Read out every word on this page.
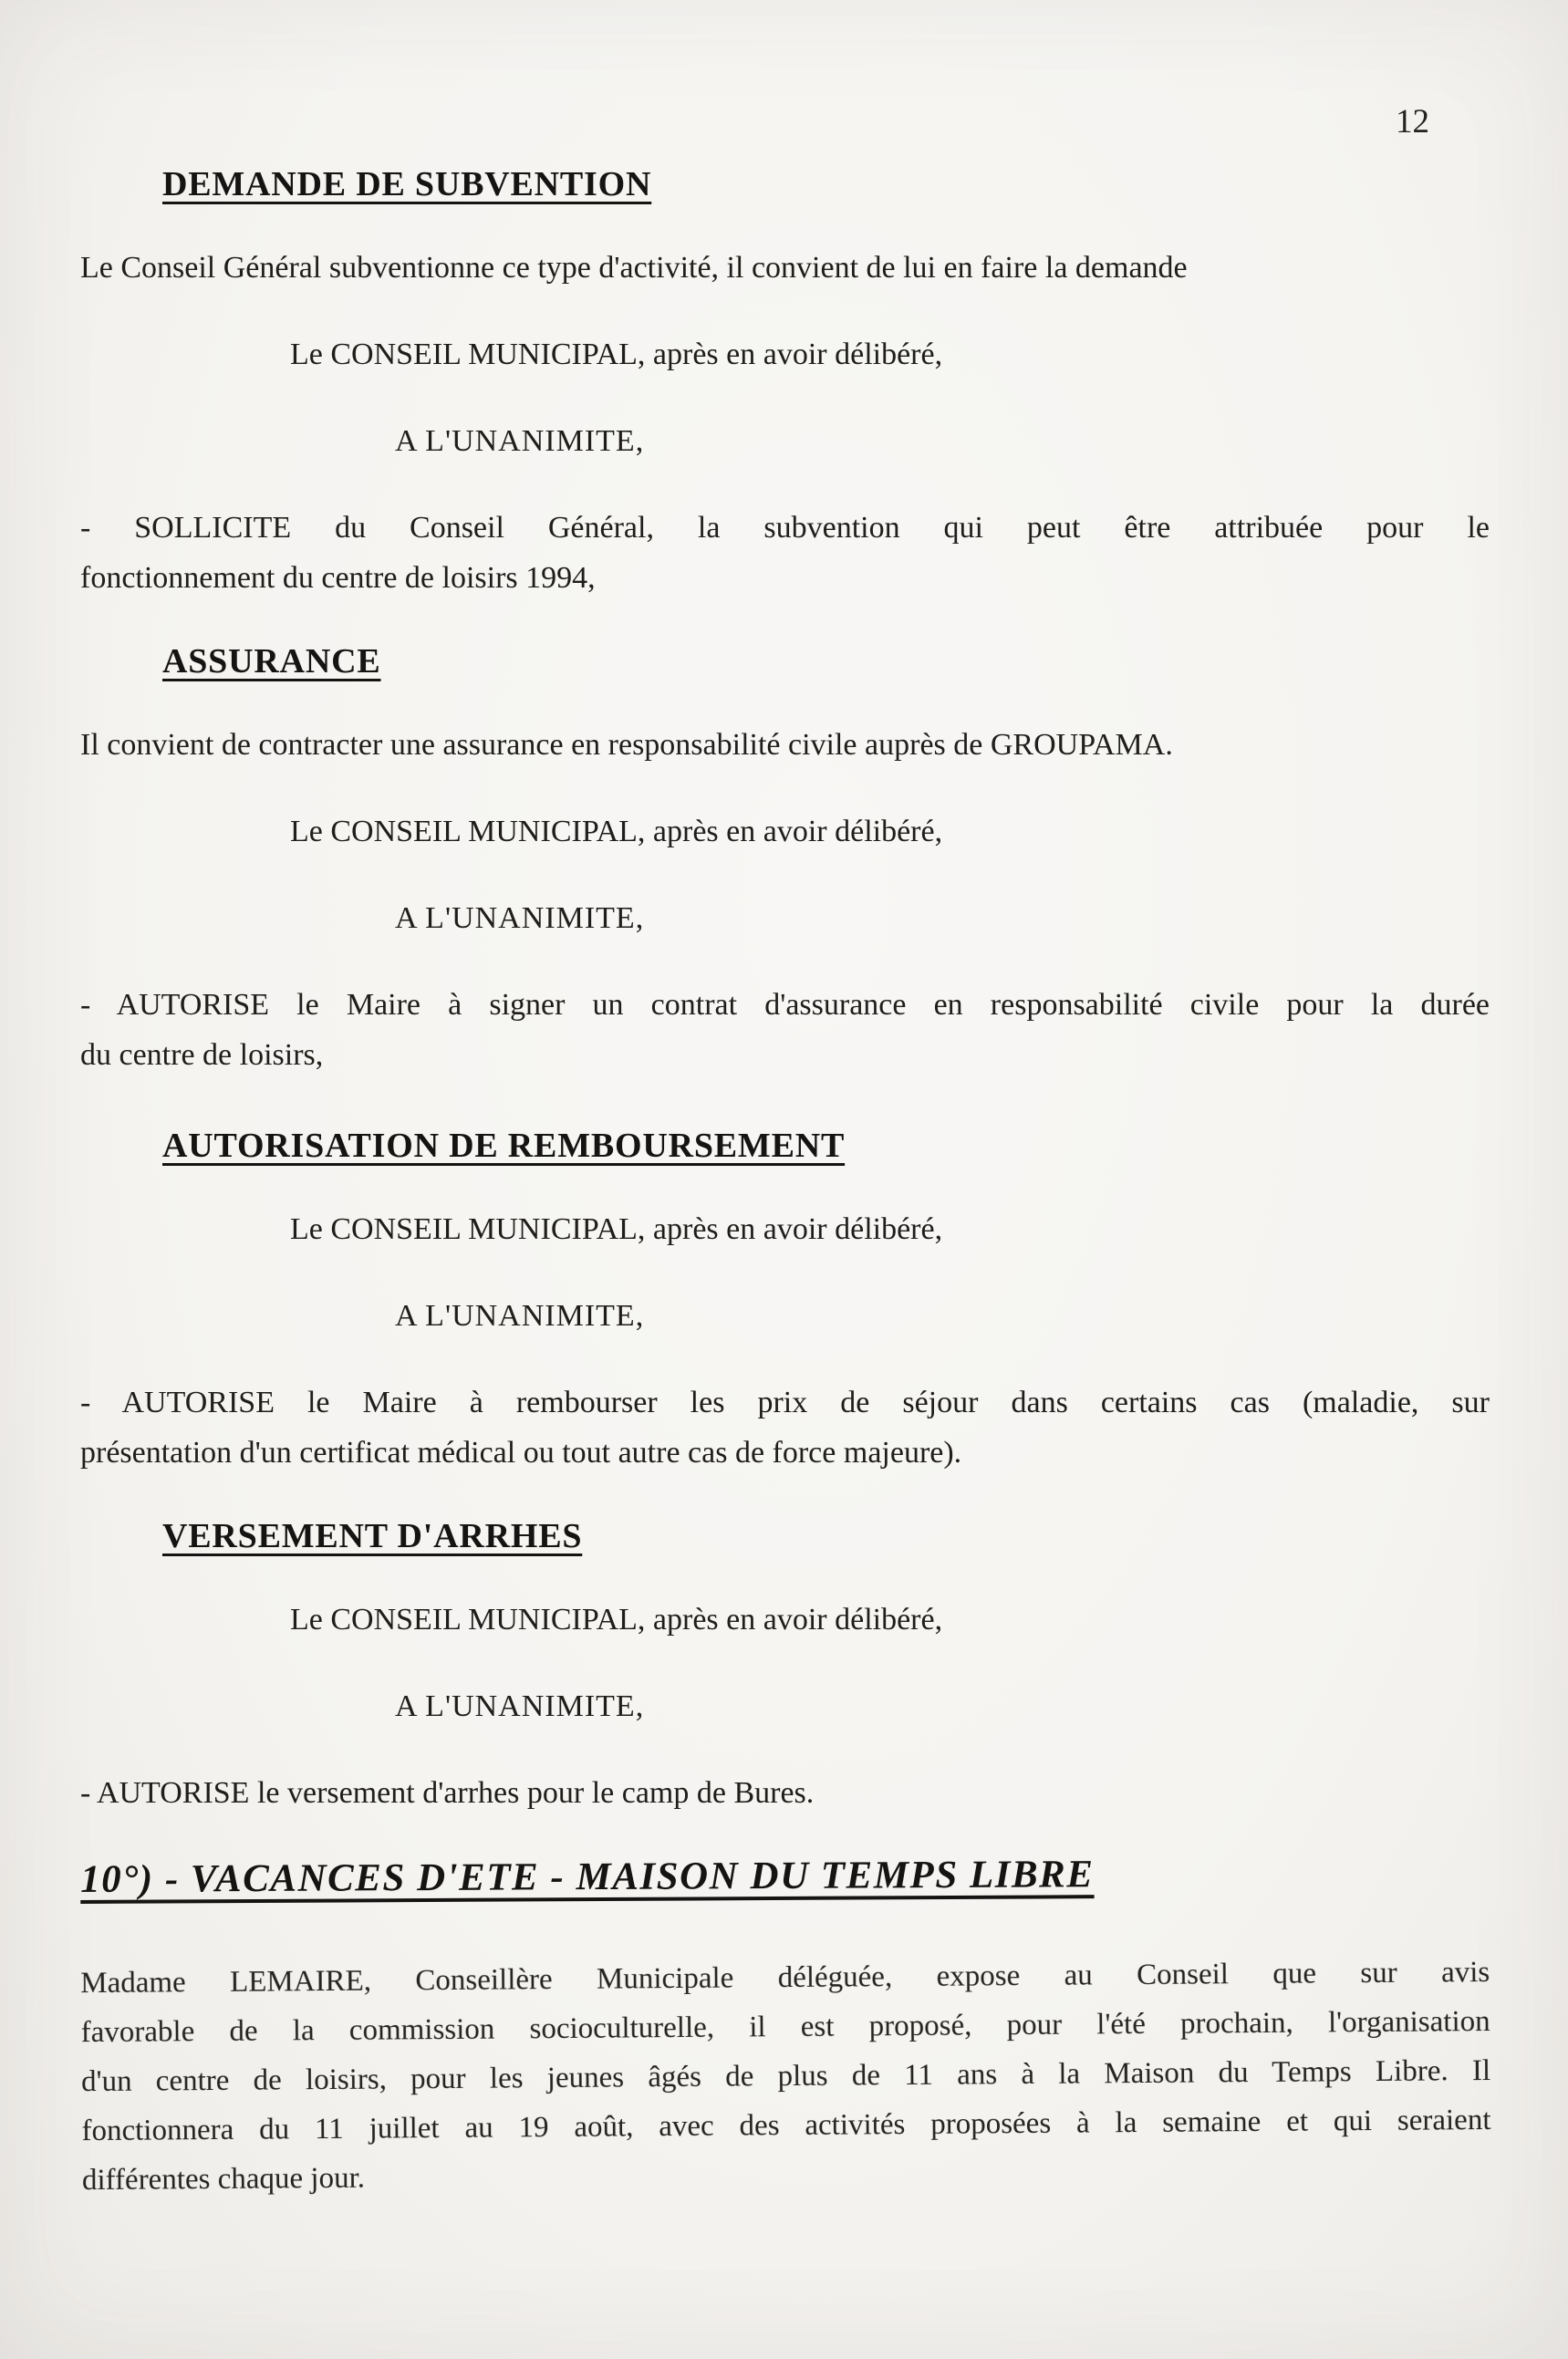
12
DEMANDE DE SUBVENTION

Le Conseil Général subventionne ce type d'activité, il convient de lui en faire la demande

Le CONSEIL MUNICIPAL, après en avoir délibéré,

A L'UNANIMITE,

- SOLLICITE du Conseil Général, la subvention qui peut être attribuée pour le
fonctionnement du centre de loisirs 1994,

ASSURANCE

Il convient de contracter une assurance en responsabilité civile auprès de GROUPAMA.

Le CONSEIL MUNICIPAL, après en avoir délibéré,

A L'UNANIMITE,

- AUTORISE le Maire à signer un contrat d'assurance en responsabilité civile pour la durée
du centre de loisirs,

AUTORISATION DE REMBOURSEMENT

Le CONSEIL MUNICIPAL, après en avoir délibéré,

A L'UNANIMITE,

- AUTORISE le Maire à rembourser les prix de séjour dans certains cas (maladie, sur
présentation d'un certificat médical ou tout autre cas de force majeure).

VERSEMENT D'ARRHES

Le CONSEIL MUNICIPAL, après en avoir délibéré,

A L'UNANIMITE,

- AUTORISE le versement d'arrhes pour le camp de Bures.

10°) - VACANCES D'ETE - MAISON DU TEMPS LIBRE

Madame LEMAIRE, Conseillère Municipale déléguée, expose au Conseil que sur avis
favorable de la commission socioculturelle, il est proposé, pour l'été prochain, l'organisation
d'un centre de loisirs, pour les jeunes âgés de plus de 11 ans à la Maison du Temps Libre. Il
fonctionnera du 11 juillet au 19 août, avec des activités proposées à la semaine et qui seraient
différentes chaque jour.
